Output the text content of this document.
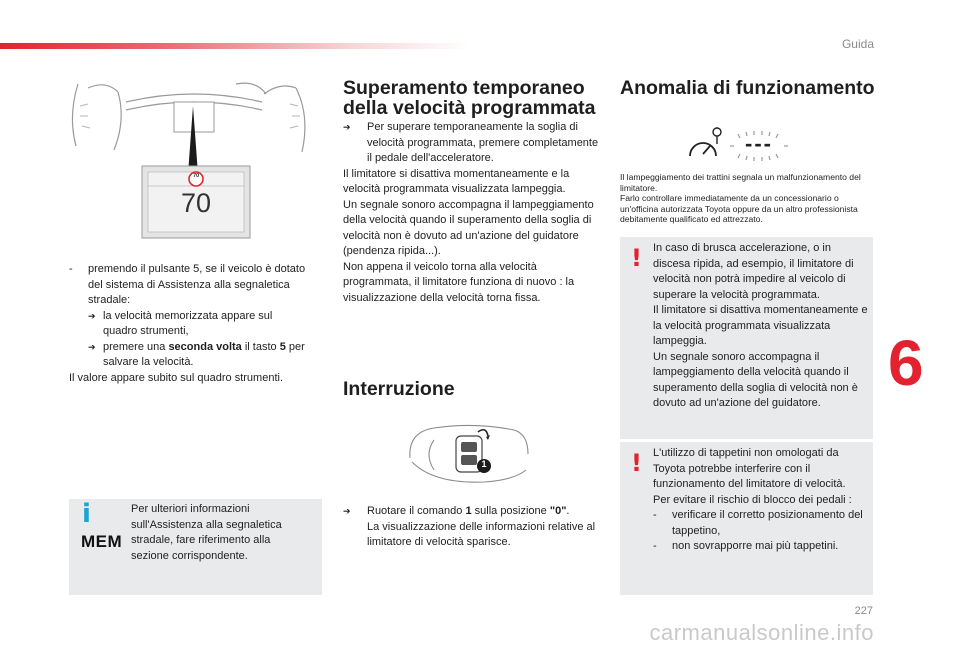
Guida
6
227
carmanualsonline.info
70
70
-	premendo il pulsante 5, se il veicolo è dotato del sistema di Assistenza alla segnaletica stradale:
➔ la velocità memorizzata appare sul quadro strumenti,
➔ premere una seconda volta il tasto 5 per salvare la velocità.
Il valore appare subito sul quadro strumenti.
i
MEM
Per ulteriori informazioni sull'Assistenza alla segnaletica stradale, fare riferimento alla sezione corrispondente.
Superamento temporaneo della velocità programmata
➔	Per superare temporaneamente la soglia di velocità programmata, premere completamente il pedale dell'acceleratore.
Il limitatore si disattiva momentaneamente e la velocità programmata visualizzata lampeggia.
Un segnale sonoro accompagna il lampeggiamento della velocità quando il superamento della soglia di velocità non è dovuto ad un'azione del guidatore (pendenza ripida...).
Non appena il veicolo torna alla velocità programmata, il limitatore funziona di nuovo : la visualizzazione della velocità torna fissa.
Interruzione
1
➔	Ruotare il comando 1 sulla posizione "0".
La visualizzazione delle informazioni relative al limitatore di velocità sparisce.
Anomalia di funzionamento
---
Il lampeggiamento dei trattini segnala un malfunzionamento del limitatore.
Farlo controllare immediatamente da un concessionario o un'officina autorizzata Toyota oppure da un altro professionista debitamente qualificato ed attrezzato.
! In caso di brusca accelerazione, o in discesa ripida, ad esempio, il limitatore di velocità non potrà impedire al veicolo di superare la velocità programmata.
Il limitatore si disattiva momentaneamente e la velocità programmata visualizzata lampeggia.
Un segnale sonoro accompagna il lampeggiamento della velocità quando il superamento della soglia di velocità non è dovuto ad un'azione del guidatore.
! L'utilizzo di tappetini non omologati da Toyota potrebbe interferire con il funzionamento del limitatore di velocità.
Per evitare il rischio di blocco dei pedali :
-	verificare il corretto posizionamento del tappetino,
-	non sovrapporre mai più tappetini.
